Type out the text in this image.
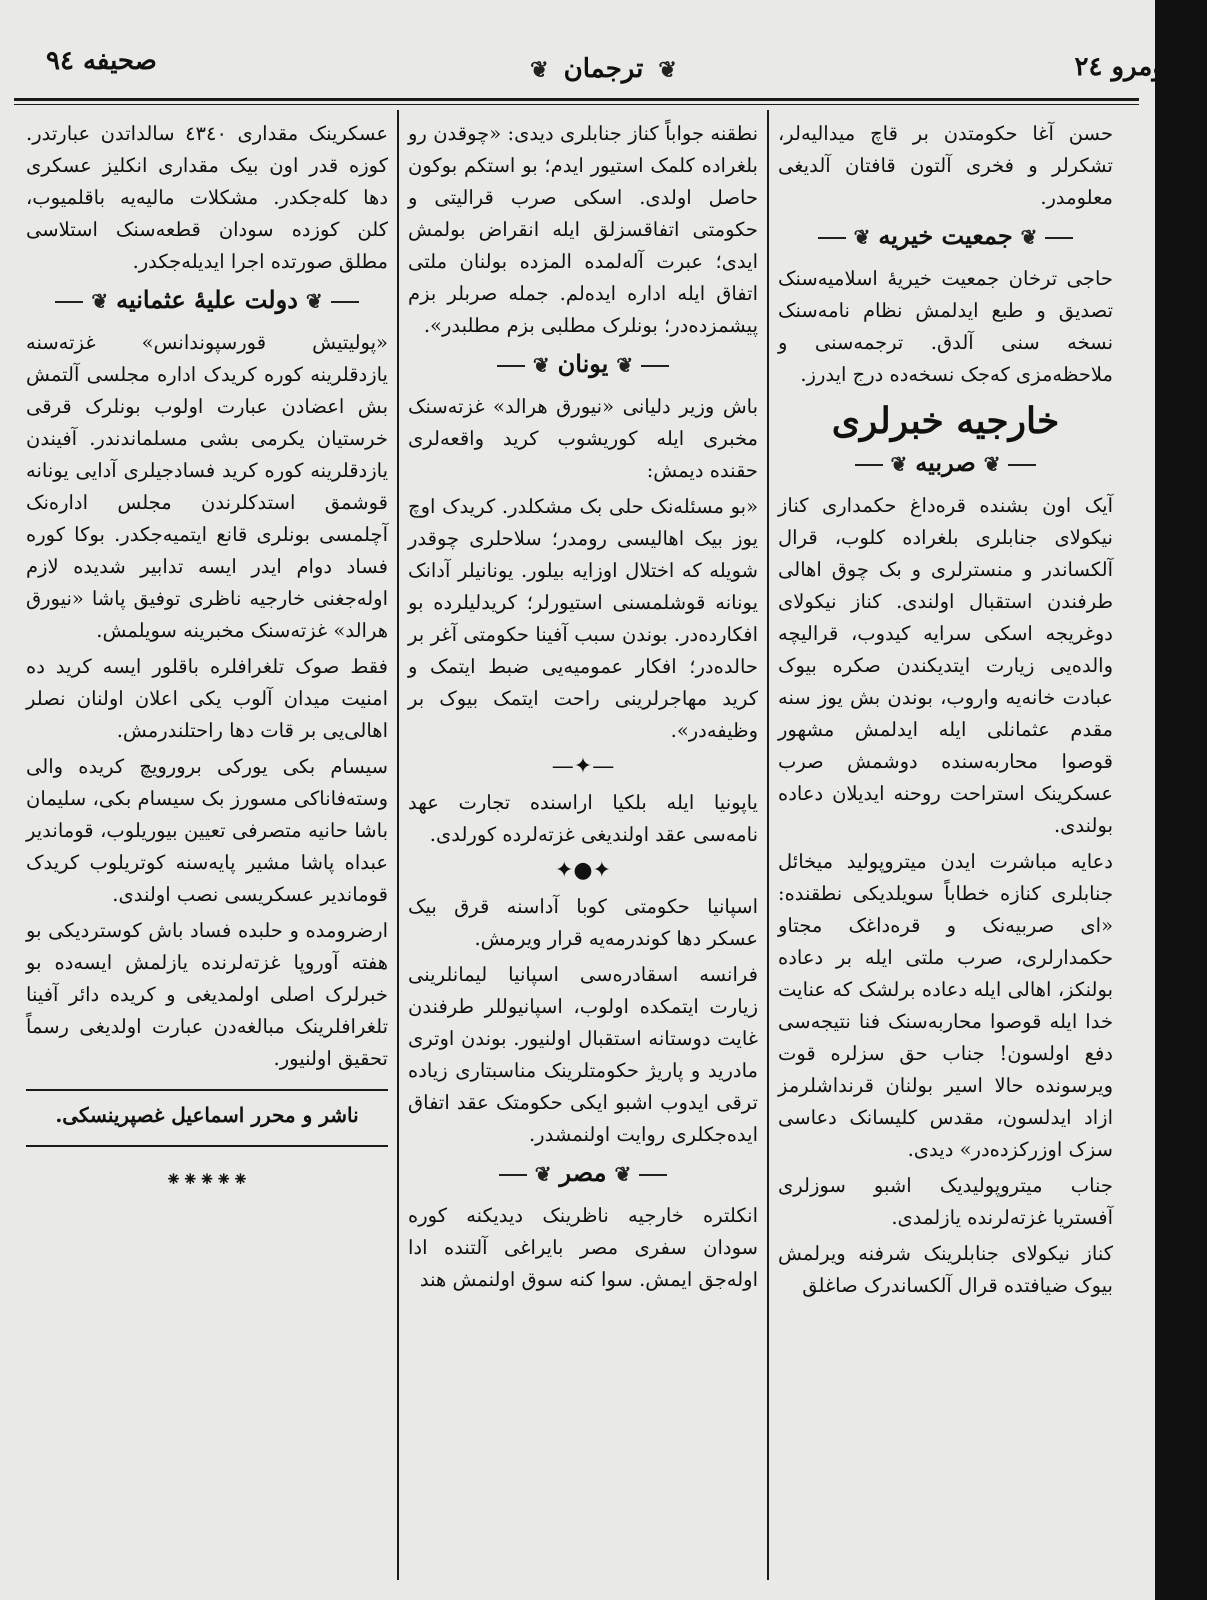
نومرو ۲٤
❦ ترجمان ❦
صحیفه ۹٤

حسن آغا حکومتدن بر قاچ میدالیه‌لر، تشکرلر و فخری آلتون قافتان آلدیغی معلومدر.

❦جمعیت خیریه❦

حاجی ترخان جمعیت خیریهٔ اسلامیه‌سنک تصدیق و طبع ایدلمش نظام نامه‌سنک نسخه سنی آلدق. ترجمه‌سنی و ملاحظه‌مزی که‌جک نسخه‌ده درج ایدرز.

خارجیه خبرلری
❦صربیه❦

آیک اون بشنده قره‌داغ حکمداری کناز نیکولای جنابلری بلغراده کلوب، قرال آلکساندر و منسترلری و بک چوق اهالی طرفندن استقبال اولندی. کناز نیکولای دوغریجه اسکی سرایه کیدوب، قرالیچه والده‌یی زیارت ایتدیکندن صکره بیوک عبادت خانه‌یه واروب، بوندن بش یوز سنه مقدم عثمانلی ایله ایدلمش مشهور قوصوا محاربه‌سنده دوشمش صرب عسکرینک استراحت روحنه ایدیلان دعاده بولندی.

دعایه مباشرت ایدن میتروپولید میخائل جنابلری کنازه خطاباً سویلدیکی نطقنده: «ای صربیه‌نک و قره‌داغک مجتاو حکمدارلری، صرب ملتی ایله بر دعاده بولنکز، اهالی ایله دعاده برلشک که عنایت خدا ایله قوصوا محاربه‌سنک فنا نتیجه‌سی دفع اولسون! جناب حق سزلره قوت ویرسونده حالا اسیر بولنان قرنداشلرمز ازاد ایدلسون، مقدس کلیسانک دعاسی سزک اوزرکزده‌در» دیدی.

جناب میتروپولیدیک اشبو سوزلری آفستریا غزته‌لرنده یازلمدی.

کناز نیکولای جنابلرینک شرفنه ویرلمش بیوک ضیافتده قرال آلکساندرک صاغلق

نطقنه جواباً کناز جنابلری دیدی: «چوقدن رو بلغراده کلمک استیور ایدم؛ بو استکم بوکون حاصل اولدی. اسکی صرب قرالیتی و حکومتی اتفاقسزلق ایله انقراض بولمش ایدی؛ عبرت آله‌لمده المزده بولنان ملتی اتفاق ایله اداره ایده‌لم. جمله صربلر بزم پیشمزده‌در؛ بونلرک مطلبی بزم مطلبدر».

❦یونان❦

باش وزیر دلیانی «نیورق هرالد» غزته‌سنک مخبری ایله کوریشوب کرید واقعه‌لری حقنده دیمش:

«بو مسئله‌نک حلی بک مشکلدر. کریدک اوچ یوز بیک اهالیسی رومدر؛ سلاحلری چوقدر شویله که اختلال اوزایه بیلور. یونانیلر آدانک یونانه قوشلمسنی استیورلر؛ کریدلیلرده بو افکارده‌در. بوندن سبب آفینا حکومتی آغر بر حالده‌در؛ افکار عمومیه‌یی ضبط ایتمک و کرید مهاجرلرینی راحت ایتمک بیوک بر وظیفه‌در».

—✦—

یاپونیا ایله بلکیا اراسنده تجارت عهد نامه‌سی عقد اولندیغی غزته‌لرده کورلدی.

✦●✦

اسپانیا حکومتی کوبا آداسنه قرق بیک عسکر دها کوندرمه‌یه قرار ویرمش.

فرانسه اسقادره‌سی اسپانیا لیمانلرینی زیارت ایتمکده اولوب، اسپانیوللر طرفندن غایت دوستانه استقبال اولنیور. بوندن اوتری مادرید و پاریژ حکومتلرینک مناسبتاری زیاده ترقی ایدوب اشبو ایکی حکومتک عقد اتفاق ایده‌جکلری روایت اولنمشدر.

❦مصر❦

انکلتره خارجیه ناظرینک دیدیکنه کوره سودان سفری مصر بایراغی آلتنده ادا اوله‌جق ایمش. سوا کنه سوق اولنمش هند

عسکرینک مقداری ٤۳٤۰ سالداتدن عبارتدر. کوزه قدر اون بیک مقداری انکلیز عسکری دها کله‌جکدر. مشکلات مالیه‌یه باقلمیوب، کلن کوزده سودان قطعه‌سنک استلاسی مطلق صورتده اجرا ایدیله‌جکدر.

❦دولت علیهٔ عثمانیه❦

«پولیتیش قورسپوندانس» غزته‌سنه یازدقلرینه کوره کریدک اداره مجلسی آلتمش بش اعضادن عبارت اولوب بونلرک قرقی خرستیان یکرمی بشی مسلماندندر. آفیندن یازدقلرینه کوره کرید فسادجیلری آدایی یونانه قوشمق استدکلرندن مجلس اداره‌نک آچلمسی بونلری قانع ایتمیه‌جکدر. بوکا کوره فساد دوام ایدر ایسه تدابیر شدیده لازم اوله‌جغنی خارجیه ناظری توفیق پاشا «نیورق هرالد» غزته‌سنک مخبرینه سویلمش.

فقط صوک تلغرافلره باقلور ایسه کرید ده امنیت میدان آلوب یکی اعلان اولنان نصلر اهالی‌یی بر قات دها راحتلندرمش.

سیسام بکی یورکی برورویچ کریده والی وسته‌فاناکی مسورز بک سیسام بکی، سلیمان باشا حانیه متصرفی تعیین بیوریلوب، قوماندیر عبداه پاشا مشیر پایه‌سنه کوتریلوب کریدک قوماندیر عسکریسی نصب اولندی.

ارضرومده و حلبده فساد باش کوستردیکی بو هفته آوروپا غزته‌لرنده یازلمش ایسه‌ده بو خبرلرک اصلی اولمدیغی و کریده دائر آفینا تلغرافلرینک مبالغه‌دن عبارت اولدیغی رسماً تحقیق اولنیور.

ناشر و محرر اسماعیل غصپرینسکی.
⁕⁕⁕⁕⁕
